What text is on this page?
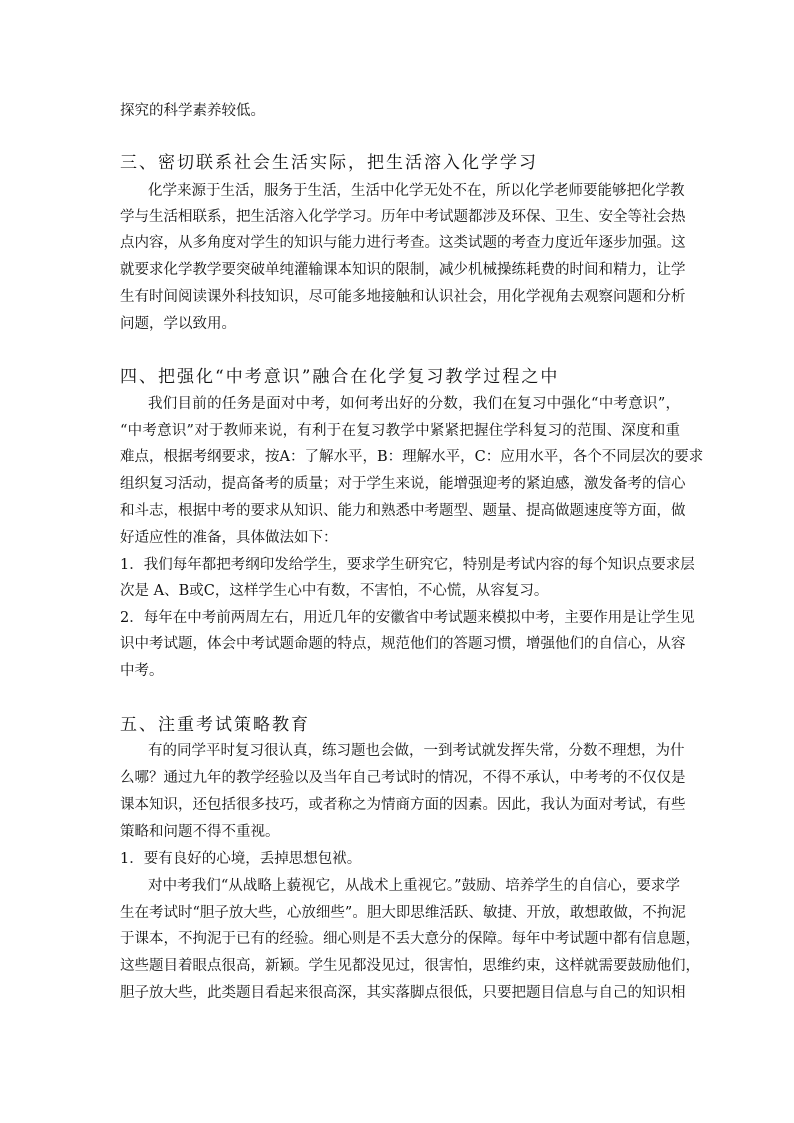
探究的科学素养较低。
三、密切联系社会生活实际，把生活溶入化学学习
化学来源于生活，服务于生活，生活中化学无处不在，所以化学老师要能够把化学教
学与生活相联系，把生活溶入化学学习。历年中考试题都涉及环保、卫生、安全等社会热
点内容，从多角度对学生的知识与能力进行考查。这类试题的考查力度近年逐步加强。这
就要求化学教学要突破单纯灌输课本知识的限制，减少机械操练耗费的时间和精力，让学
生有时间阅读课外科技知识，尽可能多地接触和认识社会，用化学视角去观察问题和分析
问题，学以致用。
四、把强化“中考意识”融合在化学复习教学过程之中
我们目前的任务是面对中考，如何考出好的分数，我们在复习中强化“中考意识”，
“中考意识”对于教师来说，有利于在复习教学中紧紧把握住学科复习的范围、深度和重
难点，根据考纲要求，按A：了解水平，B：理解水平，C：应用水平，各个不同层次的要求
组织复习活动，提高备考的质量；对于学生来说，能增强迎考的紧迫感，激发备考的信心
和斗志，根据中考的要求从知识、能力和熟悉中考题型、题量、提高做题速度等方面，做
好适应性的准备，具体做法如下：
1．我们每年都把考纲印发给学生，要求学生研究它，特别是考试内容的每个知识点要求层
次是 A、B或C，这样学生心中有数，不害怕，不心慌，从容复习。
2．每年在中考前两周左右，用近几年的安徽省中考试题来模拟中考，主要作用是让学生见
识中考试题，体会中考试题命题的特点，规范他们的答题习惯，增强他们的自信心，从容
中考。
五、注重考试策略教育
有的同学平时复习很认真，练习题也会做，一到考试就发挥失常，分数不理想，为什
么哪？通过九年的教学经验以及当年自己考试时的情况，不得不承认，中考考的不仅仅是
课本知识，还包括很多技巧，或者称之为情商方面的因素。因此，我认为面对考试，有些
策略和问题不得不重视。
1．要有良好的心境，丢掉思想包袱。
对中考我们“从战略上藐视它，从战术上重视它。”鼓励、培养学生的自信心，要求学
生在考试时“胆子放大些，心放细些”。胆大即思维活跃、敏捷、开放，敢想敢做，不拘泥
于课本，不拘泥于已有的经验。细心则是不丢大意分的保障。每年中考试题中都有信息题，
这些题目着眼点很高，新颖。学生见都没见过，很害怕，思维约束，这样就需要鼓励他们，
胆子放大些，此类题目看起来很高深，其实落脚点很低，只要把题目信息与自己的知识相
